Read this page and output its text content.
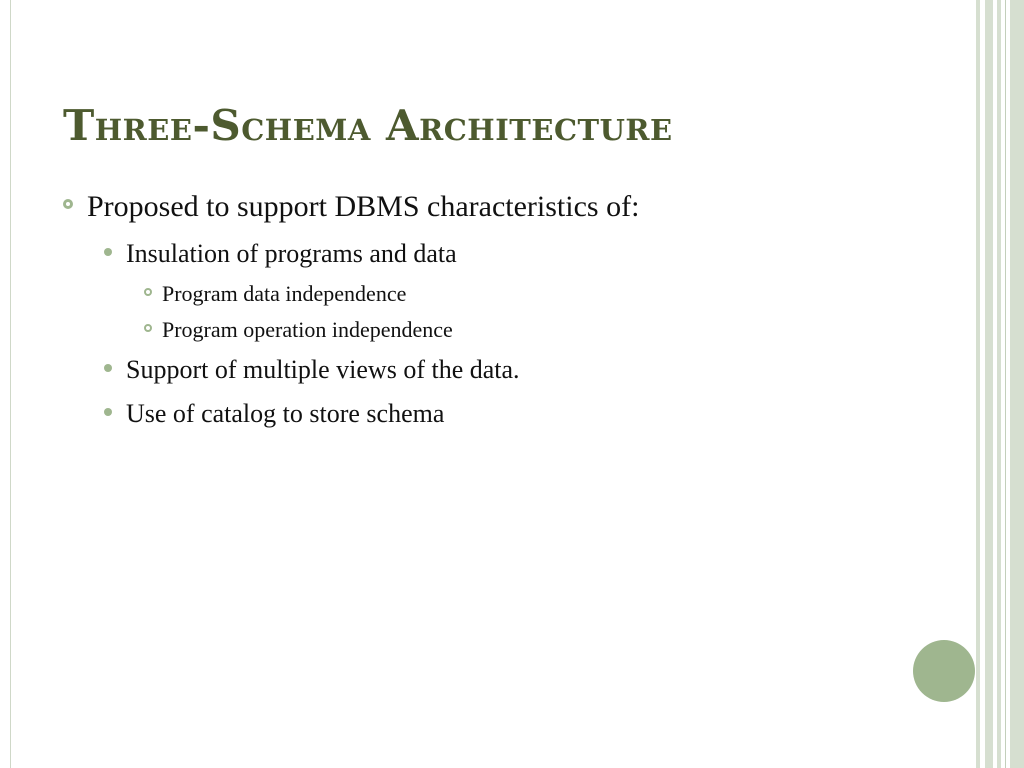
Three-Schema Architecture
Proposed to support DBMS characteristics of:
Insulation of programs and data
Program data independence
Program operation independence
Support of multiple views of the data.
Use of catalog to store schema
